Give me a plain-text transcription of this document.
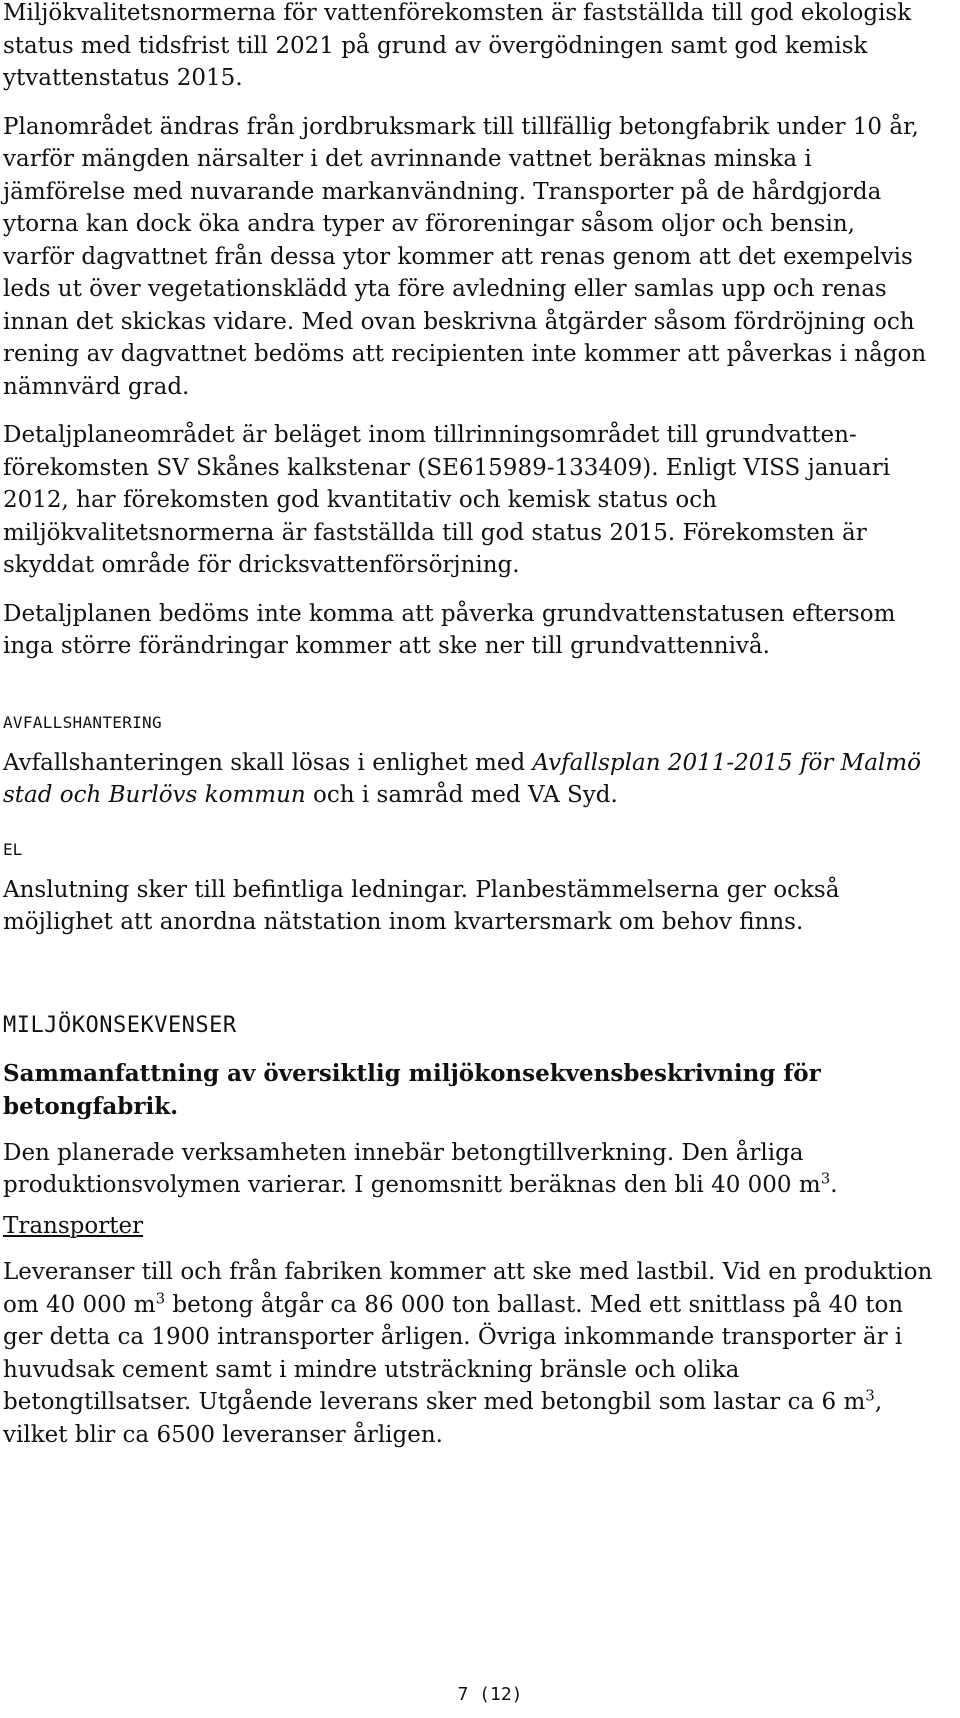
Miljökvalitetsnormerna för vattenförekomsten är fastställda till god ekologisk status med tidsfrist till 2021 på grund av övergödningen samt god kemisk ytvattenstatus 2015.

Planområdet ändras från jordbruksmark till tillfällig betongfabrik under 10 år, varför mängden närsalter i det avrinnande vattnet beräknas minska i jämförelse med nuvarande markanvändning. Transporter på de hårdgjorda ytorna kan dock öka andra typer av föroreningar såsom oljor och bensin, varför dagvattnet från dessa ytor kommer att renas genom att det exempelvis leds ut över vegetationsklädd yta före avledning eller samlas upp och renas innan det skickas vidare. Med ovan beskrivna åtgärder såsom fördröjning och rening av dagvattnet bedöms att recipienten inte kommer att påverkas i någon nämnvärd grad.

Detaljplaneområdet är beläget inom tillrinningsområdet till grundvatten-förekomsten SV Skånes kalkstenar (SE615989-133409). Enligt VISS januari 2012, har förekomsten god kvantitativ och kemisk status och miljökvalitetsnormerna är fastställda till god status 2015. Förekomsten är skyddat område för dricksvattenförsörjning.

Detaljplanen bedöms inte komma att påverka grundvattenstatusen eftersom inga större förändringar kommer att ske ner till grundvattennivå.

AVFALLSHANTERING

Avfallshanteringen skall lösas i enlighet med Avfallsplan 2011-2015 för Malmö stad och Burlövs kommun och i samråd med VA Syd.

EL

Anslutning sker till befintliga ledningar. Planbestämmelserna ger också möjlighet att anordna nätstation inom kvartersmark om behov finns.

MILJÖKONSEKVENSER

Sammanfattning av översiktlig miljökonsekvensbeskrivning för betongfabrik.

Den planerade verksamheten innebär betongtillverkning. Den årliga produktionsvolymen varierar. I genomsnitt beräknas den bli 40 000 $m^3$.

Transporter

Leveranser till och från fabriken kommer att ske med lastbil. Vid en produktion om 40 000 $m^3$ betong åtgår ca 86 000 ton ballast. Med ett snittlass på 40 ton ger detta ca 1900 intransporter årligen. Övriga inkommande transporter är i huvudsak cement samt i mindre utsträckning bränsle och olika betongtillsatser. Utgående leverans sker med betongbil som lastar ca 6 $m^3$, vilket blir ca 6500 leveranser årligen.

7 (12)
